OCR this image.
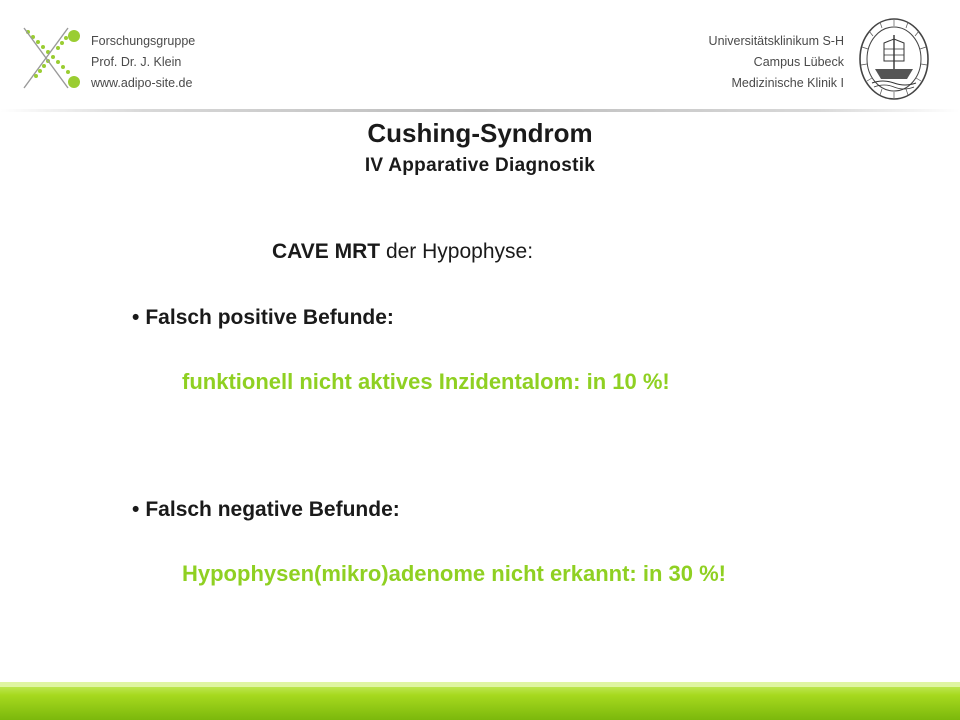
Forschungsgruppe
Prof. Dr. J. Klein
www.adipo-site.de
Universitätsklinikum S-H
Campus Lübeck
Medizinische Klinik I
Cushing-Syndrom
IV Apparative Diagnostik
CAVE MRT der Hypophyse:
• Falsch positive Befunde:
funktionell nicht aktives Inzidentalom: in 10 %!
• Falsch negative Befunde:
Hypophysen(mikro)adenome nicht erkannt: in 30 %!
